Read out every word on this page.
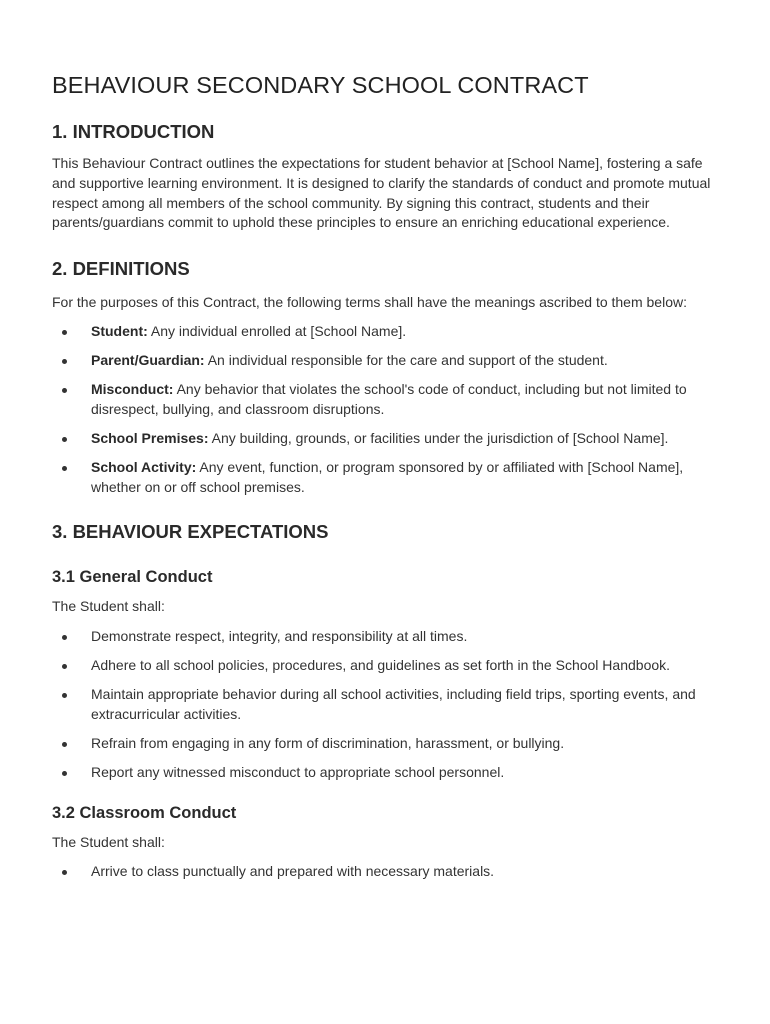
BEHAVIOUR SECONDARY SCHOOL CONTRACT
1. INTRODUCTION

This Behaviour Contract outlines the expectations for student behavior at [School Name], fostering a safe and supportive learning environment. It is designed to clarify the standards of conduct and promote mutual respect among all members of the school community. By signing this contract, students and their parents/guardians commit to uphold these principles to ensure an enriching educational experience.

2. DEFINITIONS

For the purposes of this Contract, the following terms shall have the meanings ascribed to them below:

Student: Any individual enrolled at [School Name].
Parent/Guardian: An individual responsible for the care and support of the student.
Misconduct: Any behavior that violates the school's code of conduct, including but not limited to disrespect, bullying, and classroom disruptions.
School Premises: Any building, grounds, or facilities under the jurisdiction of [School Name].
School Activity: Any event, function, or program sponsored by or affiliated with [School Name], whether on or off school premises.
3. BEHAVIOUR EXPECTATIONS
3.1 General Conduct

The Student shall:

Demonstrate respect, integrity, and responsibility at all times.
Adhere to all school policies, procedures, and guidelines as set forth in the School Handbook.
Maintain appropriate behavior during all school activities, including field trips, sporting events, and extracurricular activities.
Refrain from engaging in any form of discrimination, harassment, or bullying.
Report any witnessed misconduct to appropriate school personnel.
3.2 Classroom Conduct

The Student shall:

Arrive to class punctually and prepared with necessary materials.
